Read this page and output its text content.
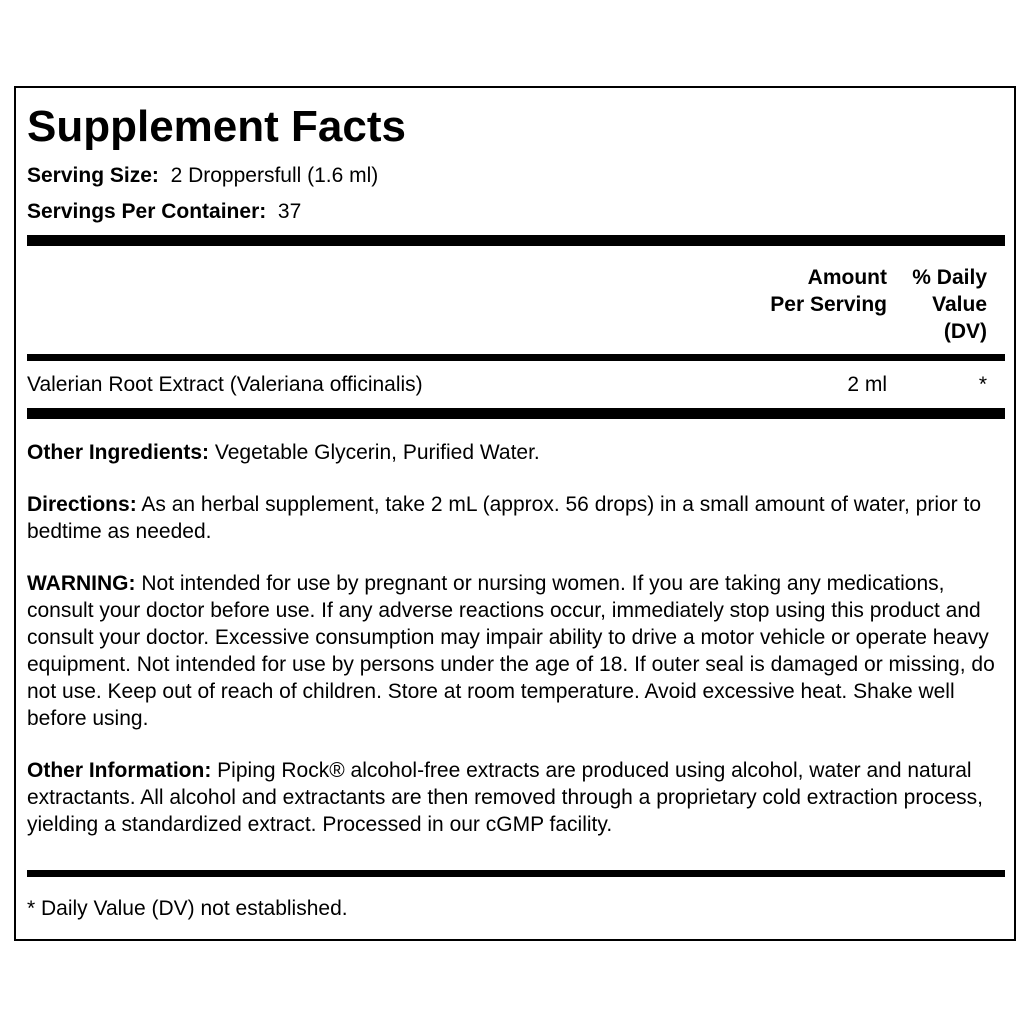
Supplement Facts
Serving Size: 2 Droppersfull (1.6 ml)
Servings Per Container: 37
Amount
Per Serving
% Daily
Value
(DV)
Valerian Root Extract (Valeriana officinalis)	2 ml	*
Other Ingredients: Vegetable Glycerin, Purified Water.
Directions: As an herbal supplement, take 2 mL (approx. 56 drops) in a small amount of water, prior to bedtime as needed.
WARNING: Not intended for use by pregnant or nursing women. If you are taking any medications, consult your doctor before use. If any adverse reactions occur, immediately stop using this product and consult your doctor. Excessive consumption may impair ability to drive a motor vehicle or operate heavy equipment. Not intended for use by persons under the age of 18. If outer seal is damaged or missing, do not use. Keep out of reach of children. Store at room temperature. Avoid excessive heat. Shake well before using.
Other Information: Piping Rock® alcohol-free extracts are produced using alcohol, water and natural extractants. All alcohol and extractants are then removed through a proprietary cold extraction process, yielding a standardized extract. Processed in our cGMP facility.
* Daily Value (DV) not established.
